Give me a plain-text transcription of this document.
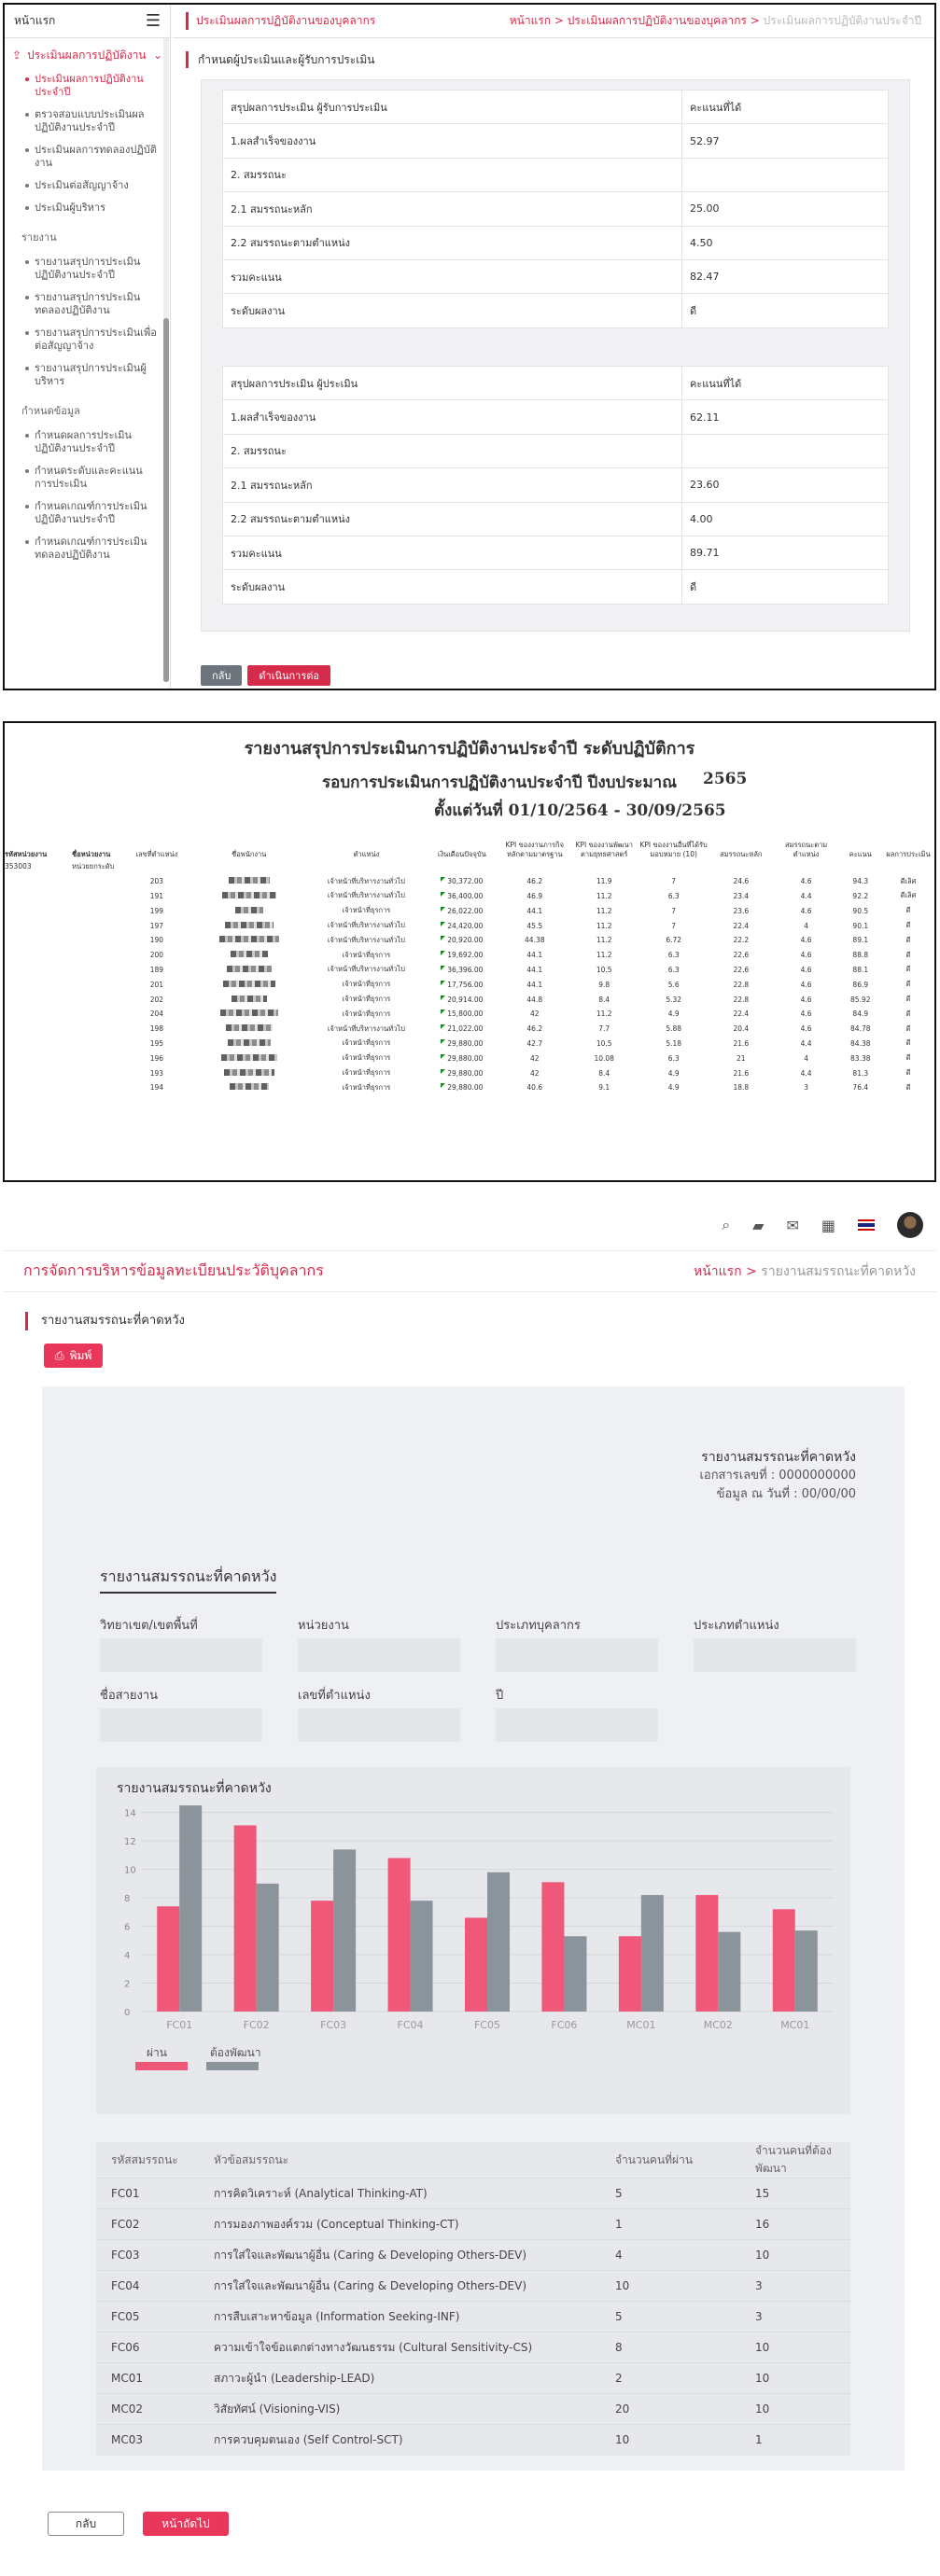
หน้าแรก	☰
⇪ ประเมินผลการปฏิบัติงาน ⌄
ประเมินผลการปฏิบัติงานประจำปี
ตรวจสอบแบบประเมินผลปฏิบัติงานประจำปี
ประเมินผลการทดลองปฏิบัติงาน
ประเมินต่อสัญญาจ้าง
ประเมินผู้บริหาร
รายงาน
รายงานสรุปการประเมินปฏิบัติงานประจำปี
รายงานสรุปการประเมินทดลองปฏิบัติงาน
รายงานสรุปการประเมินเพื่อต่อสัญญาจ้าง
รายงานสรุปการประเมินผู้บริหาร
กำหนดข้อมูล
กำหนดผลการประเมินปฏิบัติงานประจำปี
กำหนดระดับและคะแนนการประเมิน
กำหนดเกณฑ์การประเมินปฏิบัติงานประจำปี
กำหนดเกณฑ์การประเมินทดลองปฏิบัติงาน
ประเมินผลการปฏิบัติงานของบุคลากร	หน้าแรก > ประเมินผลการปฏิบัติงานของบุคลากร > ประเมินผลการปฏิบัติงานประจำปี
กำหนดผู้ประเมินและผู้รับการประเมิน
สรุปผลการประเมิน ผู้รับการประเมิน	คะแนนที่ได้
1.ผลสำเร็จของงาน	52.97
2. สมรรถนะ	
2.1 สมรรถนะหลัก	25.00
2.2 สมรรถนะตามตำแหน่ง	4.50
รวมคะแนน	82.47
ระดับผลงาน	ดี
สรุปผลการประเมิน ผู้ประเมิน	คะแนนที่ได้
1.ผลสำเร็จของงาน	62.11
2. สมรรถนะ	
2.1 สมรรถนะหลัก	23.60
2.2 สมรรถนะตามตำแหน่ง	4.00
รวมคะแนน	89.71
ระดับผลงาน	ดี
กลับ	ดำเนินการต่อ
รายงานสรุปการประเมินการปฏิบัติงานประจำปี ระดับปฏิบัติการ
รอบการประเมินการปฏิบัติงานประจำปี ปีงบประมาณ 2565
ตั้งแต่วันที่ 01/10/2564 - 30/09/2565
รหัสหน่วยงาน	ชื่อหน่วยงาน	เลขที่ตำแหน่ง	ชื่อพนักงาน	ตำแหน่ง	เงินเดือนปัจจุบัน	KPI ของงานภารกิจหลักตามมาตรฐาน	KPI ของงานพัฒนาตามยุทธศาสตร์	KPI ของงานอื่นที่ได้รับมอบหมาย (10)	สมรรถนะหลัก	สมรรถนะตามตำแหน่ง	คะแนน	ผลการประเมิน
353003	หน่วยยกระดับ											
		203		เจ้าหน้าที่บริหารงานทั่วไป	30,372.00	46.2	11.9	7	24.6	4.6	94.3	ดีเลิศ
		191		เจ้าหน้าที่บริหารงานทั่วไป	36,400.00	46.9	11.2	6.3	23.4	4.4	92.2	ดีเลิศ
		199		เจ้าหน้าที่ธุรการ	26,022.00	44.1	11.2	7	23.6	4.6	90.5	ดี
		197		เจ้าหน้าที่บริหารงานทั่วไป	24,420.00	45.5	11.2	7	22.4	4	90.1	ดี
		190		เจ้าหน้าที่บริหารงานทั่วไป	20,920.00	44.38	11.2	6.72	22.2	4.6	89.1	ดี
		200		เจ้าหน้าที่ธุรการ	19,692.00	44.1	11.2	6.3	22.6	4.6	88.8	ดี
		189		เจ้าหน้าที่บริหารงานทั่วไป	36,396.00	44.1	10.5	6.3	22.6	4.6	88.1	ดี
		201		เจ้าหน้าที่ธุรการ	17,756.00	44.1	9.8	5.6	22.8	4.6	86.9	ดี
		202		เจ้าหน้าที่ธุรการ	20,914.00	44.8	8.4	5.32	22.8	4.6	85.92	ดี
		204		เจ้าหน้าที่ธุรการ	15,800.00	42	11.2	4.9	22.4	4.6	84.9	ดี
		198		เจ้าหน้าที่บริหารงานทั่วไป	21,022.00	46.2	7.7	5.88	20.4	4.6	84.78	ดี
		195		เจ้าหน้าที่ธุรการ	29,880.00	42.7	10.5	5.18	21.6	4.4	84.38	ดี
		196		เจ้าหน้าที่ธุรการ	29,880.00	42	10.08	6.3	21	4	83.38	ดี
		193		เจ้าหน้าที่ธุรการ	29,880.00	42	8.4	4.9	21.6	4.4	81.3	ดี
		194		เจ้าหน้าที่ธุรการ	29,880.00	40.6	9.1	4.9	18.8	3	76.4	ดี
⌕ ▰ ✉ ▦
การจัดการบริหารข้อมูลทะเบียนประวัติบุคลากร	หน้าแรก > รายงานสมรรถนะที่คาดหวัง
รายงานสมรรถนะที่คาดหวัง
⎙ พิมพ์
รายงานสมรรถนะที่คาดหวัง
เอกสารเลขที่ : 0000000000
ข้อมูล ณ วันที่ : 00/00/00
รายงานสมรรถนะที่คาดหวัง
วิทยาเขต/เขตพื้นที่	หน่วยงาน	ประเภทบุคลากร	ประเภทตำแหน่ง
ชื่อสายงาน	เลขที่ตำแหน่ง	ปี
รายงานสมรรถนะที่คาดหวัง
0
2
4
6
8
10
12
14
FC01	FC02	FC03	FC04	FC05	FC06	MC01	MC02	MC01
ผ่าน	ต้องพัฒนา
รหัสสมรรถนะ	หัวข้อสมรรถนะ	จำนวนคนที่ผ่าน	จำนวนคนที่ต้องพัฒนา
FC01	การคิดวิเคราะห์ (Analytical Thinking-AT)	5	15
FC02	การมองภาพองค์รวม (Conceptual Thinking-CT)	1	16
FC03	การใส่ใจและพัฒนาผู้อื่น (Caring & Developing Others-DEV)	4	10
FC04	การใส่ใจและพัฒนาผู้อื่น (Caring & Developing Others-DEV)	10	3
FC05	การสืบเสาะหาข้อมูล (Information Seeking-INF)	5	3
FC06	ความเข้าใจข้อแตกต่างทางวัฒนธรรม (Cultural Sensitivity-CS)	8	10
MC01	สภาวะผู้นำ (Leadership-LEAD)	2	10
MC02	วิสัยทัศน์ (Visioning-VIS)	20	10
MC03	การควบคุมตนเอง (Self Control-SCT)	10	1
กลับ	หน้าถัดไป
